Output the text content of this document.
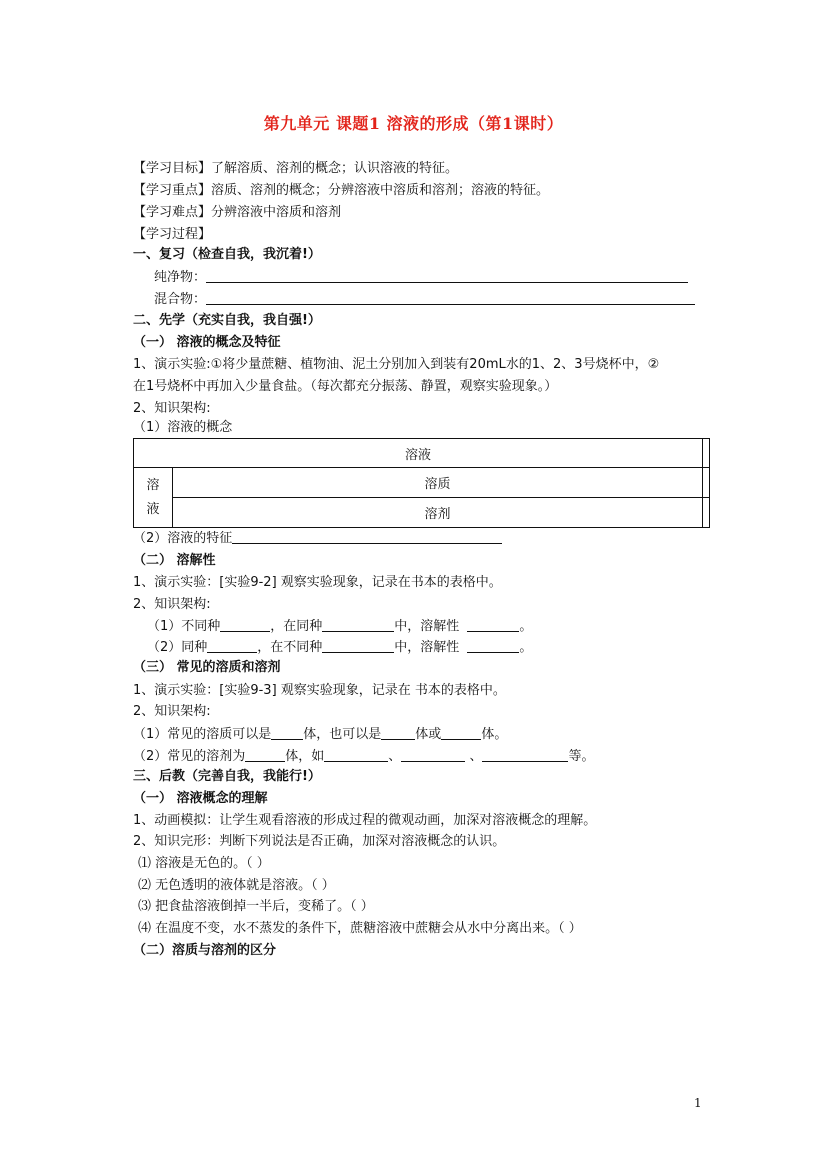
第九单元 课题1 溶液的形成（第1课时）
【学习目标】了解溶质、溶剂的概念；认识溶液的特征。
【学习重点】溶质、溶剂的概念；分辨溶液中溶质和溶剂；溶液的特征。
【学习难点】分辨溶液中溶质和溶剂
【学习过程】
一、复习（检查自我，我沉着!）
纯净物：
混合物：
二、先学（充实自我，我自强!）
（一） 溶液的概念及特征
1、演示实验:①将少量蔗糖、植物油、泥土分别加入到装有20mL水的1、2、3号烧杯中，②
在1号烧杯中再加入少量食盐。（每次都充分振荡、静置，观察实验现象。）
2、知识架构:
（1）溶液的概念
溶液		
溶
液	溶质	
	溶剂	
（2）溶液的特征
（二） 溶解性
1、演示实验：[实验9-2] 观察实验现象，记录在书本的表格中。
2、知识架构:
（1）不同种	，在同种	中，溶解性	。
（2）同种	，在不同种	中，溶解性	。
（三） 常见的溶质和溶剂
1、演示实验：[实验9-3] 观察实验现象，记录在 书本的表格中。
2、知识架构:
（1）常见的溶质可以是 体，也可以是	体或	体。
（2）常见的溶剂为	体，如	、	、	等。
三、后教（完善自我，我能行!）
（一） 溶液概念的理解
1、动画模拟：让学生观看溶液的形成过程的微观动画，加深对溶液概念的理解。
2、知识完形：判断下列说法是否正确，加深对溶液概念的认识。
⑴ 溶液是无色的。（ ）
⑵ 无色透明的液体就是溶液。（ ）
⑶ 把食盐溶液倒掉一半后，变稀了。（ ）
⑷ 在温度不变，水不蒸发的条件下，蔗糖溶液中蔗糖会从水中分离出来。（ ）
（二）溶质与溶剂的区分
1
